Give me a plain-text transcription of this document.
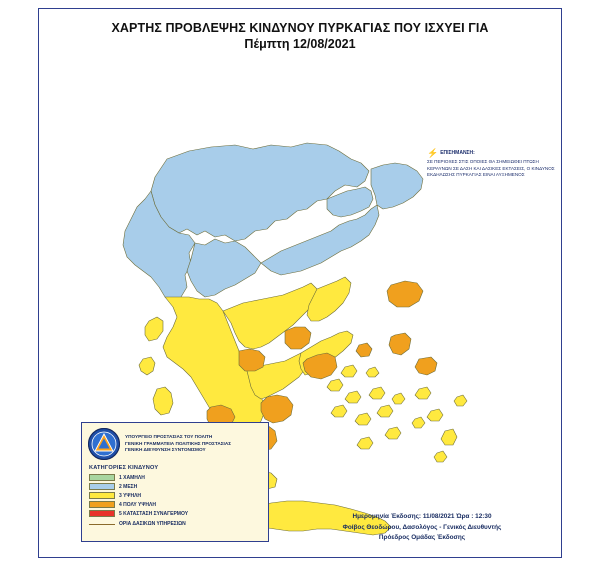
ΧΑΡΤΗΣ ΠΡΟΒΛΕΨΗΣ ΚΙΝΔΥΝΟΥ ΠΥΡΚΑΓΙΑΣ ΠΟΥ ΙΣΧΥΕΙ ΓΙΑ
Πέμπτη 12/08/2021
⚡ ΕΠΙΣΗΜΑΝΣΗ:
ΣΕ ΠΕΡΙΟΧΕΣ ΣΤΙΣ ΟΠΟΙΕΣ ΘΑ ΣΗΜΕΙΩΘΕΙ ΠΤΩΣΗ ΚΕΡΑΥΝΩΝ ΣΕ ΔΑΣΗ ΚΑΙ ΔΑΣΙΚΕΣ ΕΚΤΑΣΕΙΣ, Ο ΚΙΝΔΥΝΟΣ ΕΚΔΗΛΩΣΗΣ ΠΥΡΚΑΓΙΑΣ ΕΙΝΑΙ ΑΥΞΗΜΕΝΟΣ
ΥΠΟΥΡΓΕΙΟ ΠΡΟΣΤΑΣΙΑΣ ΤΟΥ ΠΟΛΙΤΗ
ΓΕΝΙΚΗ ΓΡΑΜΜΑΤΕΙΑ ΠΟΛΙΤΙΚΗΣ ΠΡΟΣΤΑΣΙΑΣ
ΓΕΝΙΚΗ ΔΙΕΥΘΥΝΣΗ ΣΥΝΤΟΝΙΣΜΟΥ
ΚΑΤΗΓΟΡΙΕΣ ΚΙΝΔΥΝΟΥ
1 ΧΑΜΗΛΗ
2 ΜΕΣΗ
3 ΥΨΗΛΗ
4 ΠΟΛΥ ΥΨΗΛΗ
5 ΚΑΤΑΣΤΑΣΗ ΣΥΝΑΓΕΡΜΟΥ
ΟΡΙΑ ΔΑΣΙΚΩΝ ΥΠΗΡΕΣΙΩΝ
Ημερομηνία Έκδοσης: 11/08/2021 Ώρα : 12:30
Φοίβος Θεοδώρου, Δασολόγος - Γενικός Διευθυντής
Πρόεδρος Ομάδας Έκδοσης
